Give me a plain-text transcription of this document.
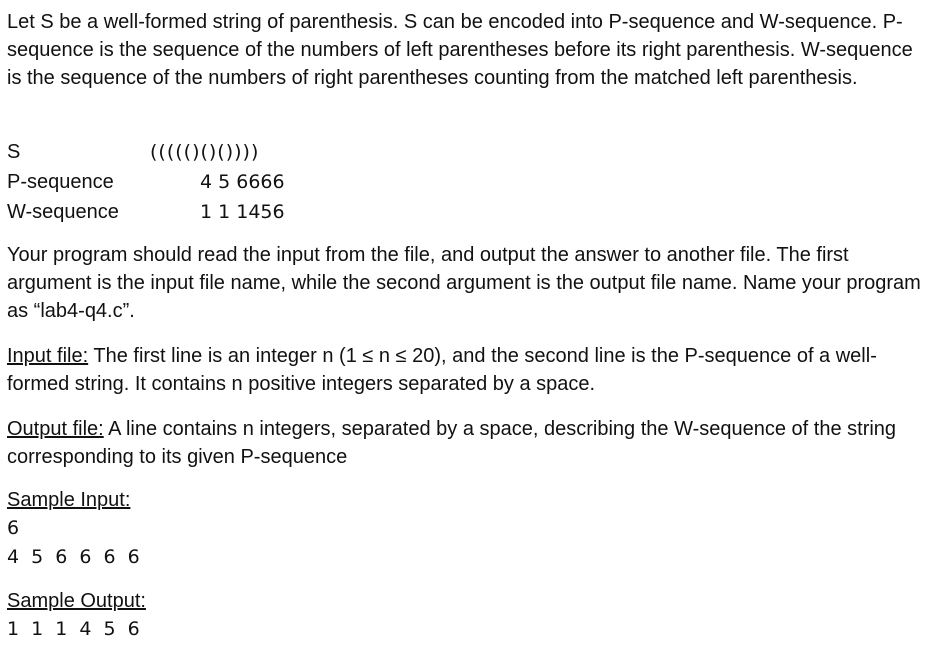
Let S be a well-formed string of parenthesis. S can be encoded into P-sequence and W-sequence. P-sequence is the sequence of the numbers of left parentheses before its right parenthesis. W-sequence is the sequence of the numbers of right parentheses counting from the matched left parenthesis.

S	((((()()())))
P-sequence	4 5 6666
W-sequence	1 1 1456

Your program should read the input from the file, and output the answer to another file. The first argument is the input file name, while the second argument is the output file name. Name your program as “lab4-q4.c”.

Input file: The first line is an integer n (1 ≤ n ≤ 20), and the second line is the P-sequence of a well-formed string. It contains n positive integers separated by a space.

Output file: A line contains n integers, separated by a space, describing the W-sequence of the string corresponding to its given P-sequence

Sample Input:
6
4 5 6 6 6 6
Sample Output:
1 1 1 4 5 6
